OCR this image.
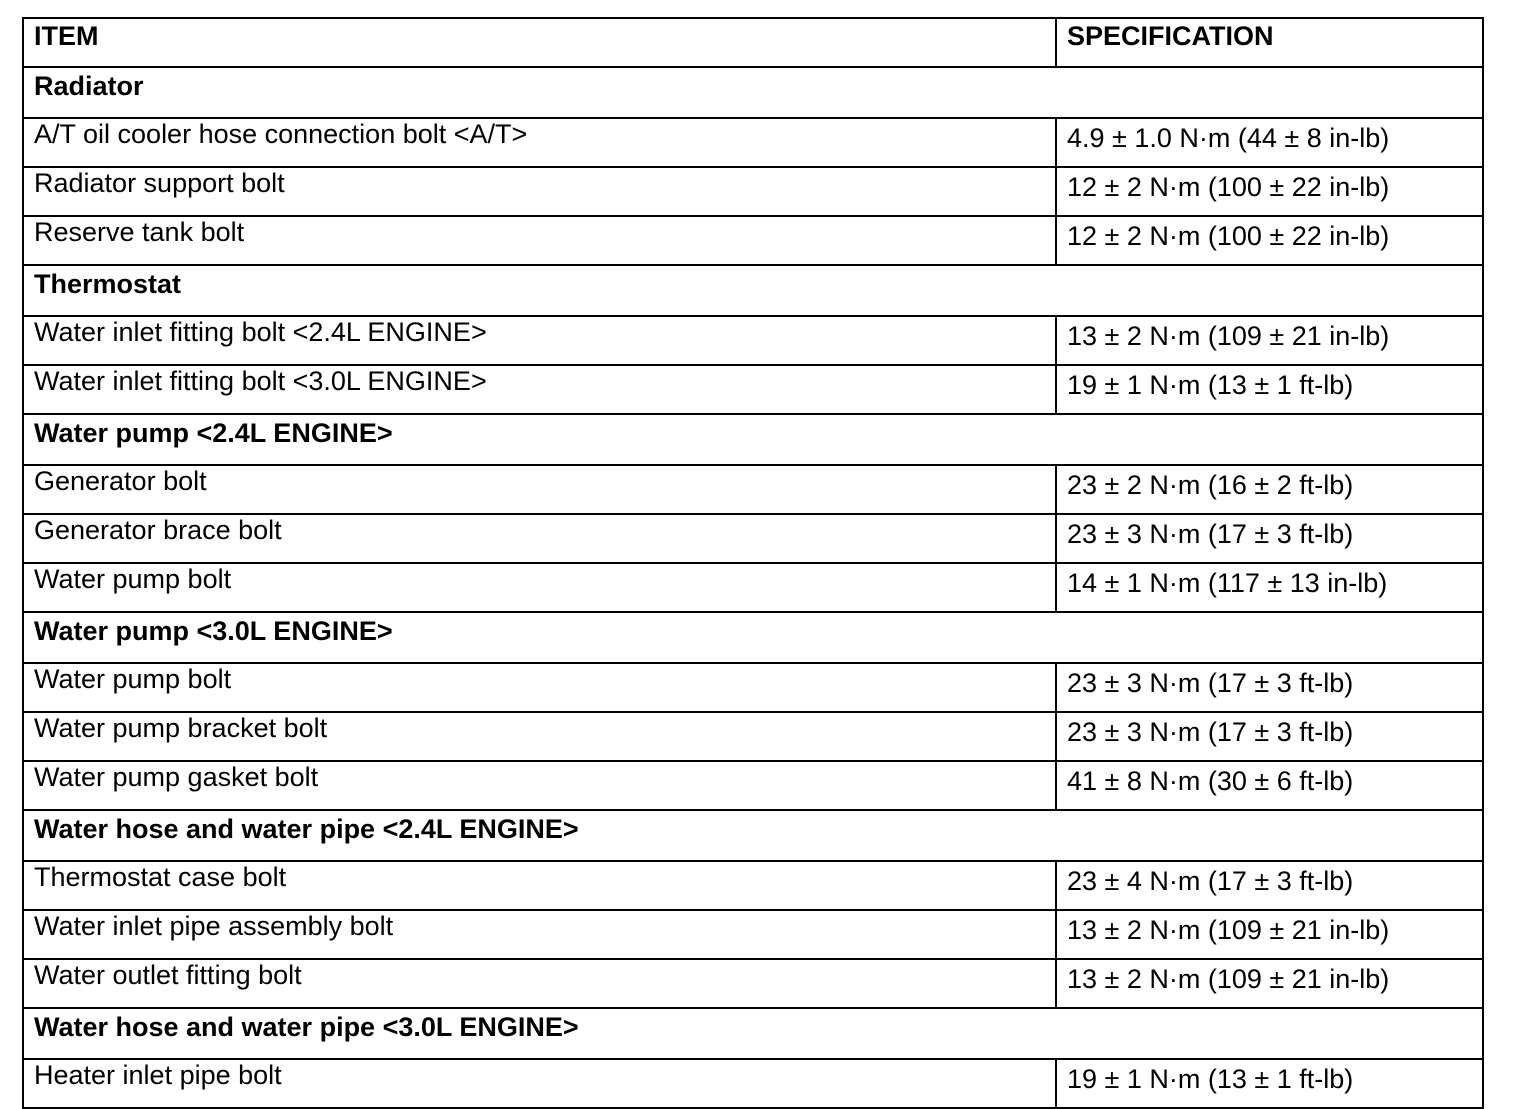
ITEM	SPECIFICATION
Radiator	
A/T oil cooler hose connection bolt <A/T>	4.9 ± 1.0 N·m (44 ± 8 in-lb)
Radiator support bolt	12 ± 2 N·m (100 ± 22 in-lb)
Reserve tank bolt	12 ± 2 N·m (100 ± 22 in-lb)
Thermostat	
Water inlet fitting bolt <2.4L ENGINE>	13 ± 2 N·m (109 ± 21 in-lb)
Water inlet fitting bolt <3.0L ENGINE>	19 ± 1 N·m (13 ± 1 ft-lb)
Water pump <2.4L ENGINE>	
Generator bolt	23 ± 2 N·m (16 ± 2 ft-lb)
Generator brace bolt	23 ± 3 N·m (17 ± 3 ft-lb)
Water pump bolt	14 ± 1 N·m (117 ± 13 in-lb)
Water pump <3.0L ENGINE>	
Water pump bolt	23 ± 3 N·m (17 ± 3 ft-lb)
Water pump bracket bolt	23 ± 3 N·m (17 ± 3 ft-lb)
Water pump gasket bolt	41 ± 8 N·m (30 ± 6 ft-lb)
Water hose and water pipe <2.4L ENGINE>	
Thermostat case bolt	23 ± 4 N·m (17 ± 3 ft-lb)
Water inlet pipe assembly bolt	13 ± 2 N·m (109 ± 21 in-lb)
Water outlet fitting bolt	13 ± 2 N·m (109 ± 21 in-lb)
Water hose and water pipe <3.0L ENGINE>	
Heater inlet pipe bolt	19 ± 1 N·m (13 ± 1 ft-lb)
